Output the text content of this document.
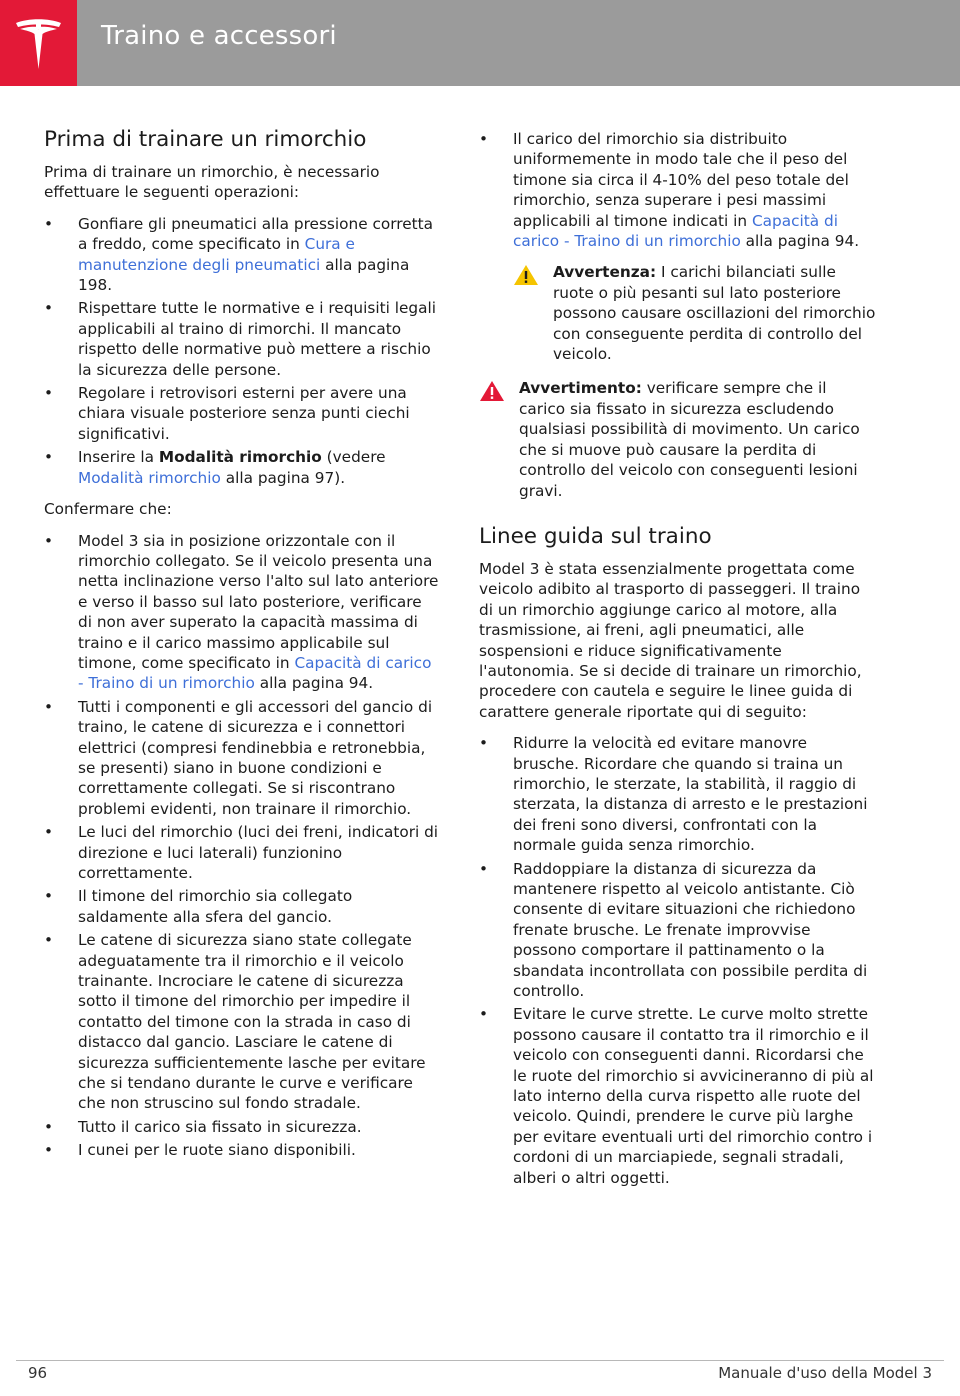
Traino e accessori
Prima di trainare un rimorchio

Prima di trainare un rimorchio, è necessario effettuare le seguenti operazioni:

• Gonfiare gli pneumatici alla pressione corretta a freddo, come specificato in Cura e manutenzione degli pneumatici alla pagina 198.
• Rispettare tutte le normative e i requisiti legali applicabili al traino di rimorchi. Il mancato rispetto delle normative può mettere a rischio la sicurezza delle persone.
• Regolare i retrovisori esterni per avere una chiara visuale posteriore senza punti ciechi significativi.
• Inserire la Modalità rimorchio (vedere Modalità rimorchio alla pagina 97).

Confermare che:

• Model 3 sia in posizione orizzontale con il rimorchio collegato. Se il veicolo presenta una netta inclinazione verso l'alto sul lato anteriore e verso il basso sul lato posteriore, verificare di non aver superato la capacità massima di traino e il carico massimo applicabile sul timone, come specificato in Capacità di carico - Traino di un rimorchio alla pagina 94.
• Tutti i componenti e gli accessori del gancio di traino, le catene di sicurezza e i connettori elettrici (compresi fendinebbia e retronebbia, se presenti) siano in buone condizioni e correttamente collegati. Se si riscontrano problemi evidenti, non trainare il rimorchio.
• Le luci del rimorchio (luci dei freni, indicatori di direzione e luci laterali) funzionino correttamente.
• Il timone del rimorchio sia collegato saldamente alla sfera del gancio.
• Le catene di sicurezza siano state collegate adeguatamente tra il rimorchio e il veicolo trainante. Incrociare le catene di sicurezza sotto il timone del rimorchio per impedire il contatto del timone con la strada in caso di distacco dal gancio. Lasciare le catene di sicurezza sufficientemente lasche per evitare che si tendano durante le curve e verificare che non struscino sul fondo stradale.
• Tutto il carico sia fissato in sicurezza.
• I cunei per le ruote siano disponibili.
• Il carico del rimorchio sia distribuito uniformemente in modo tale che il peso del timone sia circa il 4-10% del peso totale del rimorchio, senza superare i pesi massimi applicabili al timone indicati in Capacità di carico - Traino di un rimorchio alla pagina 94.
Avvertenza: I carichi bilanciati sulle ruote o più pesanti sul lato posteriore possono causare oscillazioni del rimorchio con conseguente perdita di controllo del veicolo.
Avvertimento: verificare sempre che il carico sia fissato in sicurezza escludendo qualsiasi possibilità di movimento. Un carico che si muove può causare la perdita di controllo del veicolo con conseguenti lesioni gravi.
Linee guida sul traino

Model 3 è stata essenzialmente progettata come veicolo adibito al trasporto di passeggeri. Il traino di un rimorchio aggiunge carico al motore, alla trasmissione, ai freni, agli pneumatici, alle sospensioni e riduce significativamente l'autonomia. Se si decide di trainare un rimorchio, procedere con cautela e seguire le linee guida di carattere generale riportate qui di seguito:

• Ridurre la velocità ed evitare manovre brusche. Ricordare che quando si traina un rimorchio, le sterzate, la stabilità, il raggio di sterzata, la distanza di arresto e le prestazioni dei freni sono diversi, confrontati con la normale guida senza rimorchio.
• Raddoppiare la distanza di sicurezza da mantenere rispetto al veicolo antistante. Ciò consente di evitare situazioni che richiedono frenate brusche. Le frenate improvvise possono comportare il pattinamento o la sbandata incontrollata con possibile perdita di controllo.
• Evitare le curve strette. Le curve molto strette possono causare il contatto tra il rimorchio e il veicolo con conseguenti danni. Ricordarsi che le ruote del rimorchio si avvicineranno di più al lato interno della curva rispetto alle ruote del veicolo. Quindi, prendere le curve più larghe per evitare eventuali urti del rimorchio contro i cordoni di un marciapiede, segnali stradali, alberi o altri oggetti.
96	Manuale d'uso della Model 3
